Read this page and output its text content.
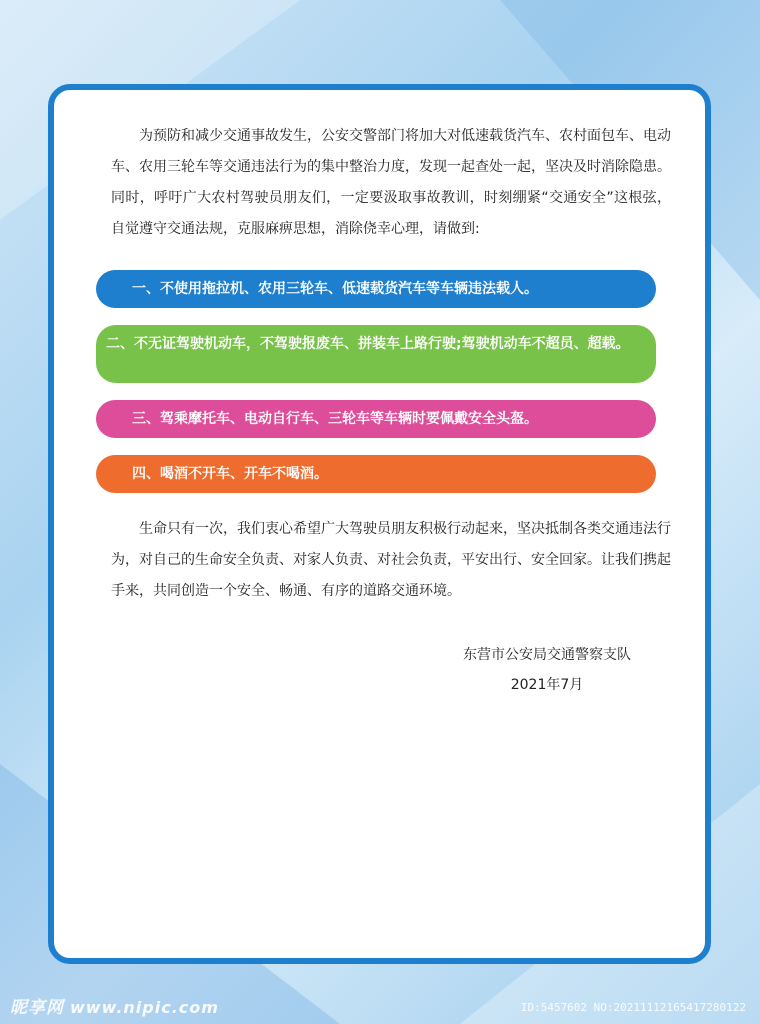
为预防和减少交通事故发生，公安交警部门将加大对低速载货汽车、农村面包车、电动车、农用三轮车等交通违法行为的集中整治力度，发现一起查处一起，坚决及时消除隐患。同时，呼吁广大农村驾驶员朋友们，一定要汲取事故教训，时刻绷紧“交通安全”这根弦，自觉遵守交通法规，克服麻痹思想，消除侥幸心理，请做到:

一、不使用拖拉机、农用三轮车、低速载货汽车等车辆违法载人。
二、不无证驾驶机动车，不驾驶报废车、拼装车上路行驶;驾驶机动车不超员、超载。
三、驾乘摩托车、电动自行车、三轮车等车辆时要佩戴安全头盔。
四、喝酒不开车、开车不喝酒。

生命只有一次，我们衷心希望广大驾驶员朋友积极行动起来，坚决抵制各类交通违法行为，对自己的生命安全负责、对家人负责、对社会负责，平安出行、安全回家。让我们携起手来，共同创造一个安全、畅通、有序的道路交通环境。

东营市公安局交通警察支队
2021年7月
昵享网 www.nipic.com	ID:5457602 NO:20211112165417280122
